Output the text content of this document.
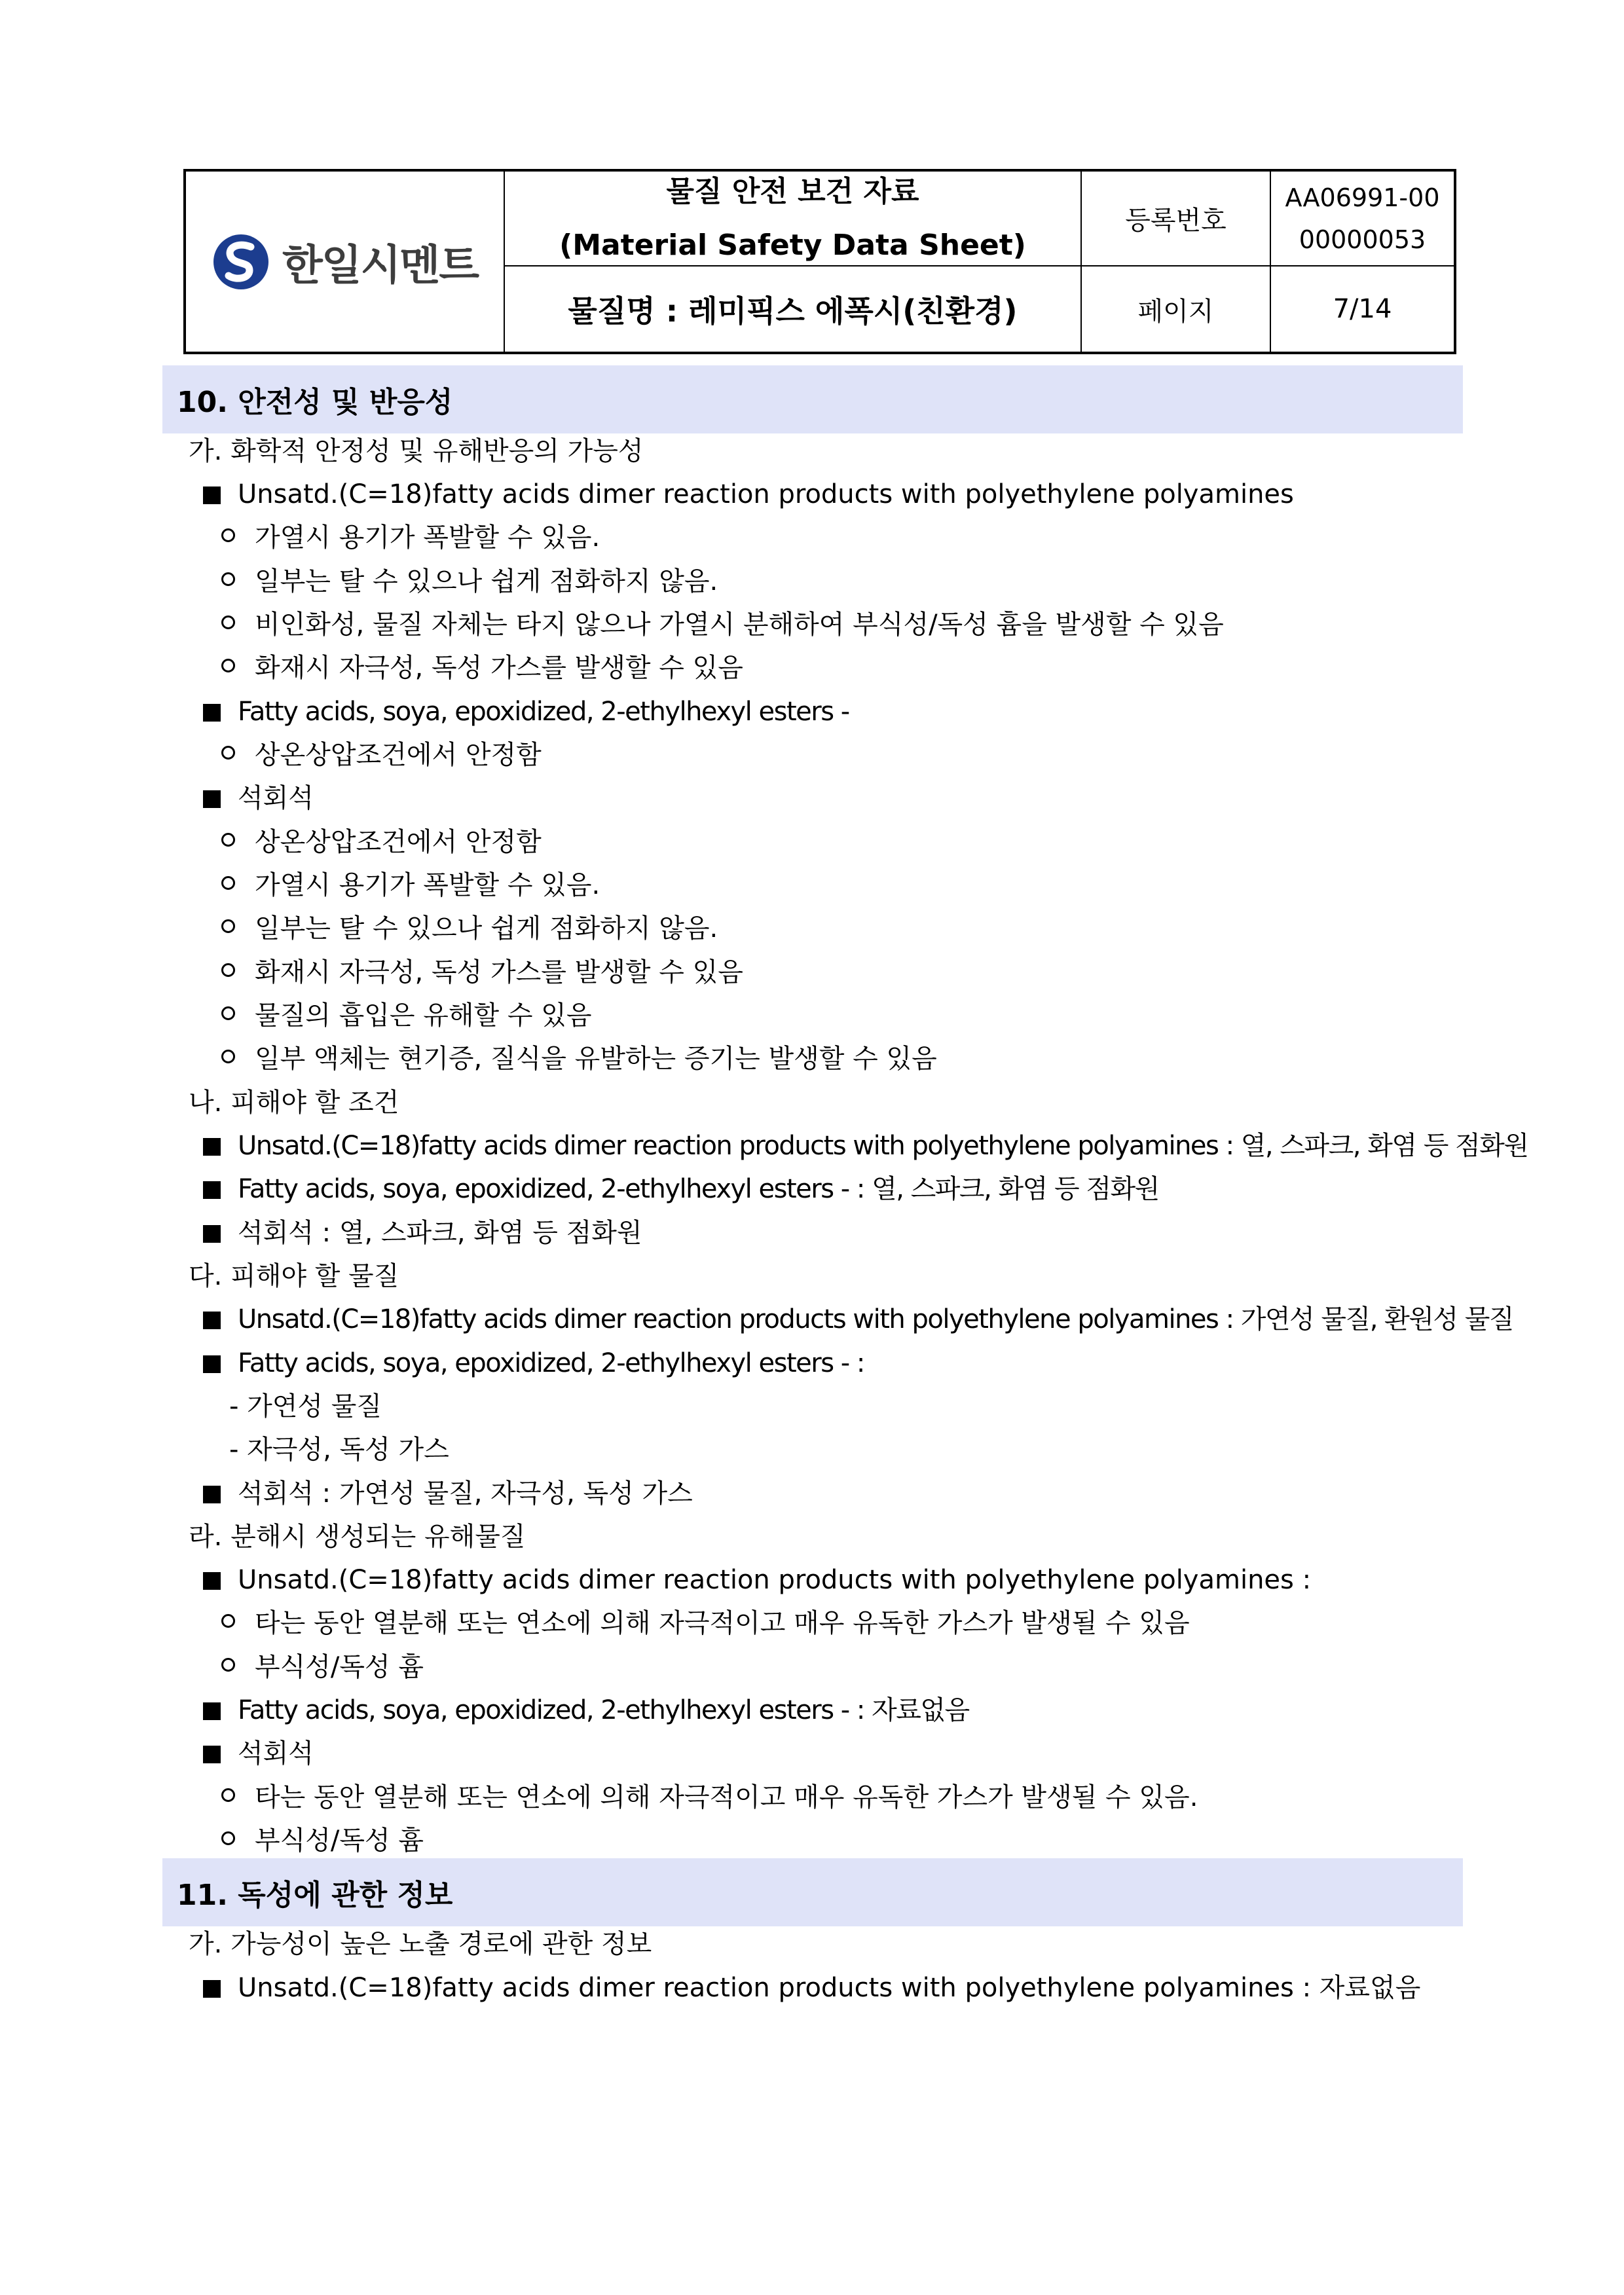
한일시멘트
물질 안전 보건 자료
(Material Safety Data Sheet)
등록번호
AA06991-00
00000053
물질명 : 레미픽스 에폭시(친환경)	페이지	7/14
10. 안전성 및 반응성
가. 화학적 안정성 및 유해반응의 가능성
Unsatd.(C=18)fatty acids dimer reaction products with polyethylene polyamines
가열시 용기가 폭발할 수 있음.
일부는 탈 수 있으나 쉽게 점화하지 않음.
비인화성, 물질 자체는 타지 않으나 가열시 분해하여 부식성/독성 흄을 발생할 수 있음
화재시 자극성, 독성 가스를 발생할 수 있음
Fatty acids, soya, epoxidized, 2-ethylhexyl esters -
상온상압조건에서 안정함
석회석
상온상압조건에서 안정함
가열시 용기가 폭발할 수 있음.
일부는 탈 수 있으나 쉽게 점화하지 않음.
화재시 자극성, 독성 가스를 발생할 수 있음
물질의 흡입은 유해할 수 있음
일부 액체는 현기증, 질식을 유발하는 증기는 발생할 수 있음
나. 피해야 할 조건
Unsatd.(C=18)fatty acids dimer reaction products with polyethylene polyamines : 열, 스파크, 화염 등 점화원
Fatty acids, soya, epoxidized, 2-ethylhexyl esters - : 열, 스파크, 화염 등 점화원
석회석 : 열, 스파크, 화염 등 점화원
다. 피해야 할 물질
Unsatd.(C=18)fatty acids dimer reaction products with polyethylene polyamines : 가연성 물질, 환원성 물질
Fatty acids, soya, epoxidized, 2-ethylhexyl esters - :
- 가연성 물질
- 자극성, 독성 가스
석회석 : 가연성 물질, 자극성, 독성 가스
라. 분해시 생성되는 유해물질
Unsatd.(C=18)fatty acids dimer reaction products with polyethylene polyamines :
타는 동안 열분해 또는 연소에 의해 자극적이고 매우 유독한 가스가 발생될 수 있음
부식성/독성 흄
Fatty acids, soya, epoxidized, 2-ethylhexyl esters - : 자료없음
석회석
타는 동안 열분해 또는 연소에 의해 자극적이고 매우 유독한 가스가 발생될 수 있음.
부식성/독성 흄
11. 독성에 관한 정보
가. 가능성이 높은 노출 경로에 관한 정보
Unsatd.(C=18)fatty acids dimer reaction products with polyethylene polyamines : 자료없음
